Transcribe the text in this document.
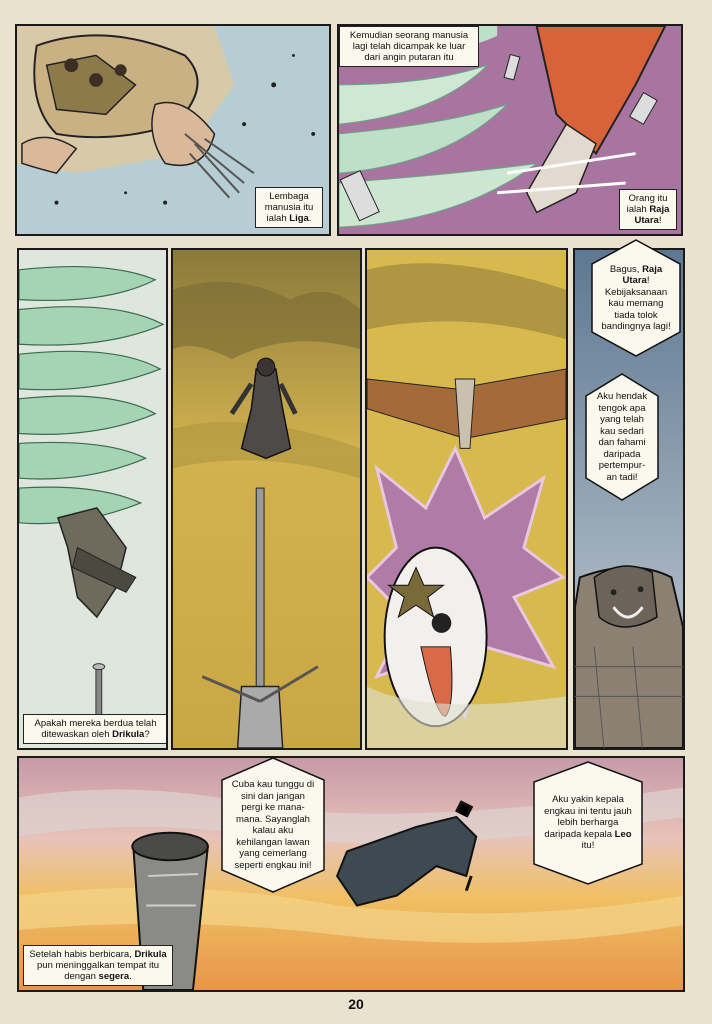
Lembaga manusia itu ialah Liga.
Kemudian seorang manusia lagi telah dicampak ke luar dari angin putaran itu
Orang itu ialah Raja Utara!
Apakah mereka berdua telah ditewaskan oleh Drikula?
Setelah habis berbicara, Drikula pun meninggalkan tempat itu dengan segera.
Bagus, Raja Utara! Kebijaksanaan kau memang tiada tolok bandingnya lagi!
Aku hendak tengok apa yang telah kau sedari dan fahami daripada pertempur-an tadi!
Cuba kau tunggu di sini dan jangan pergi ke mana-mana. Sayanglah kalau aku kehilangan lawan yang cemerlang seperti engkau ini!
Aku yakin kepala engkau ini tentu jauh lebih berharga daripada kepala Leo itu!
20
